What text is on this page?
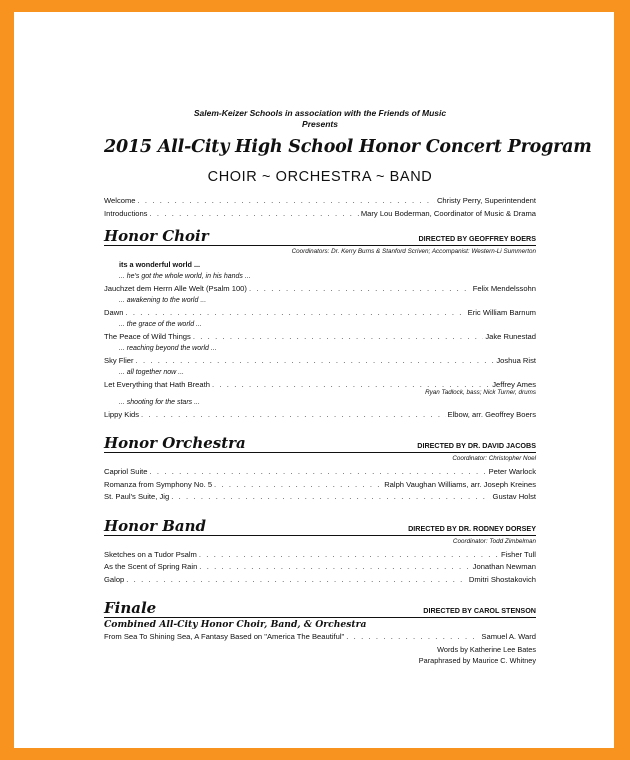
Salem-Keizer Schools in association with the Friends of Music
Presents
2015 All-City High School Honor Concert Program
CHOIR ~ ORCHESTRA ~ BAND
Welcome . . .	Christy Perry, Superintendent
Introductions . . .	Mary Lou Boderman, Coordinator of Music & Drama
Honor Choir	DIRECTED BY GEOFFREY BOERS
Coordinators: Dr. Kerry Burns & Stanford Scriven; Accompanist: Western-Li Summerton
its a wonderful world ...
... he's got the whole world, in his hands ...
Jauchzet dem Herrn Alle Welt (Psalm 100) . . .	Felix Mendelssohn
... awakening to the world ...
Dawn . . .	Eric William Barnum
... the grace of the world ...
The Peace of Wild Things . . .	Jake Runestad
... reaching beyond the world ...
Sky Flier . . .	Joshua Rist
... all together now ...
Let Everything that Hath Breath . . .	Jeffrey Ames
Ryan Tadlock, bass; Nick Turner, drums
... shooting for the stars ...
Lippy Kids . . .	Elbow, arr. Geoffrey Boers
Honor Orchestra	DIRECTED BY DR. DAVID JACOBS
Coordinator: Christopher Noel
Capriol Suite . . .	Peter Warlock
Romanza from Symphony No. 5 . . .	Ralph Vaughan Williams, arr. Joseph Kreines
St. Paul's Suite, Jig . . .	Gustav Holst
Honor Band	DIRECTED BY DR. RODNEY DORSEY
Coordinator: Todd Zimbelman
Sketches on a Tudor Psalm . . .	Fisher Tull
As the Scent of Spring Rain . . .	Jonathan Newman
Galop . . .	Dmitri Shostakovich
Finale	DIRECTED BY CAROL STENSON
Combined All-City Honor Choir, Band, & Orchestra
From Sea To Shining Sea, A Fantasy Based on "America The Beautiful" . . .	Samuel A. Ward
Words by Katherine Lee Bates
Paraphrased by Maurice C. Whitney
